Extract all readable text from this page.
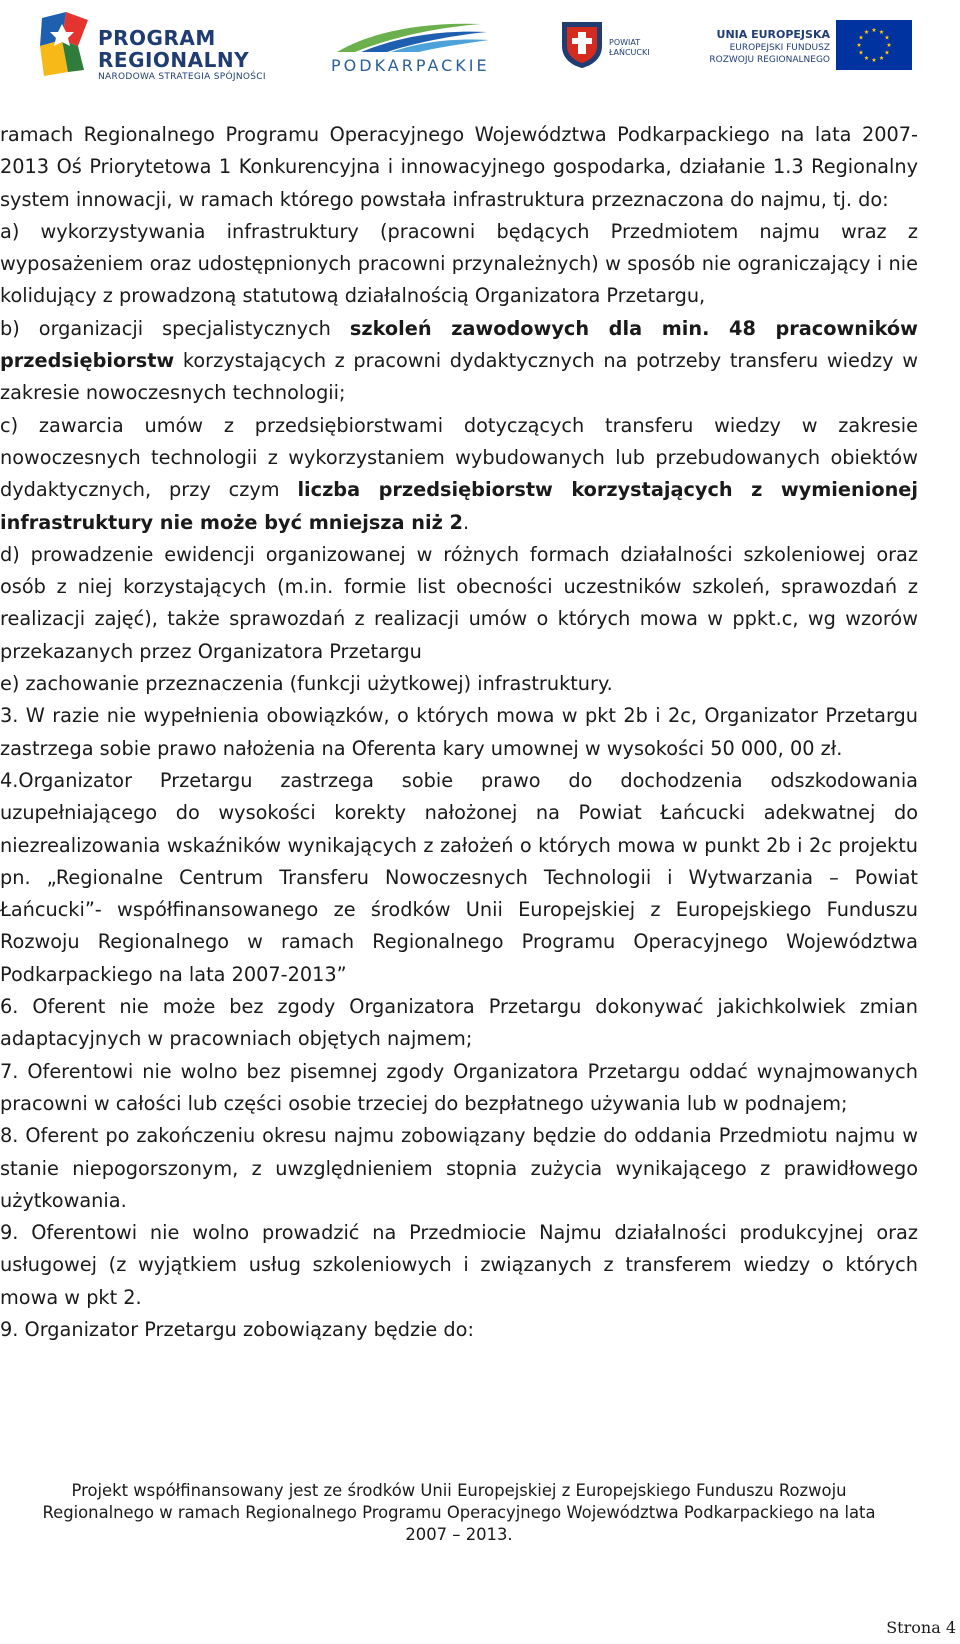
PROGRAM
REGIONALNY
NARODOWA STRATEGIA SPÓJNOŚCI
PODKARPACKIE
POWIAT
ŁAŃCUCKI
UNIA EUROPEJSKA
EUROPEJSKI FUNDUSZ
ROZWOJU REGIONALNEGO

ramach Regionalnego Programu Operacyjnego Województwa Podkarpackiego na lata 2007-2013 Oś Priorytetowa 1 Konkurencyjna i innowacyjnego gospodarka, działanie 1.3 Regionalny system innowacji, w ramach którego powstała infrastruktura przeznaczona do najmu, tj. do:

a) wykorzystywania infrastruktury (pracowni będących Przedmiotem najmu wraz z wyposażeniem oraz udostępnionych pracowni przynależnych) w sposób nie ograniczający i nie kolidujący z prowadzoną statutową działalnością Organizatora Przetargu,

b) organizacji specjalistycznych szkoleń zawodowych dla min. 48 pracowników przedsiębiorstw korzystających z pracowni dydaktycznych na potrzeby transferu wiedzy w zakresie nowoczesnych technologii;

c) zawarcia umów z przedsiębiorstwami dotyczących transferu wiedzy w zakresie nowoczesnych technologii z wykorzystaniem wybudowanych lub przebudowanych obiektów dydaktycznych, przy czym liczba przedsiębiorstw korzystających z wymienionej infrastruktury nie może być mniejsza niż 2.

d) prowadzenie ewidencji organizowanej w różnych formach działalności szkoleniowej oraz osób z niej korzystających (m.in. formie list obecności uczestników szkoleń, sprawozdań z realizacji zajęć), także sprawozdań z realizacji umów o których mowa w ppkt.c, wg wzorów przekazanych przez Organizatora Przetargu

e) zachowanie przeznaczenia (funkcji użytkowej) infrastruktury.

3. W razie nie wypełnienia obowiązków, o których mowa w pkt 2b i 2c, Organizator Przetargu zastrzega sobie prawo nałożenia na Oferenta kary umownej w wysokości 50 000, 00 zł.

4.Organizator Przetargu zastrzega sobie prawo do dochodzenia odszkodowania uzupełniającego do wysokości korekty nałożonej na Powiat Łańcucki adekwatnej do niezrealizowania wskaźników wynikających z założeń o których mowa w punkt 2b i 2c projektu pn. „Regionalne Centrum Transferu Nowoczesnych Technologii i Wytwarzania – Powiat Łańcucki”- współfinansowanego ze środków Unii Europejskiej z Europejskiego Funduszu Rozwoju Regionalnego w ramach Regionalnego Programu Operacyjnego Województwa Podkarpackiego na lata 2007-2013”

6. Oferent nie może bez zgody Organizatora Przetargu dokonywać jakichkolwiek zmian adaptacyjnych w pracowniach objętych najmem;

7. Oferentowi nie wolno bez pisemnej zgody Organizatora Przetargu oddać wynajmowanych pracowni w całości lub części osobie trzeciej do bezpłatnego używania lub w podnajem;

8. Oferent po zakończeniu okresu najmu zobowiązany będzie do oddania Przedmiotu najmu w stanie niepogorszonym, z uwzględnieniem stopnia zużycia wynikającego z prawidłowego użytkowania.

9. Oferentowi nie wolno prowadzić na Przedmiocie Najmu działalności produkcyjnej oraz usługowej (z wyjątkiem usług szkoleniowych i związanych z transferem wiedzy o których mowa w pkt 2.

9. Organizator Przetargu zobowiązany będzie do:

Projekt współfinansowany jest ze środków Unii Europejskiej z Europejskiego Funduszu Rozwoju
Regionalnego w ramach Regionalnego Programu Operacyjnego Województwa Podkarpackiego na lata
2007 – 2013.
Strona 4
